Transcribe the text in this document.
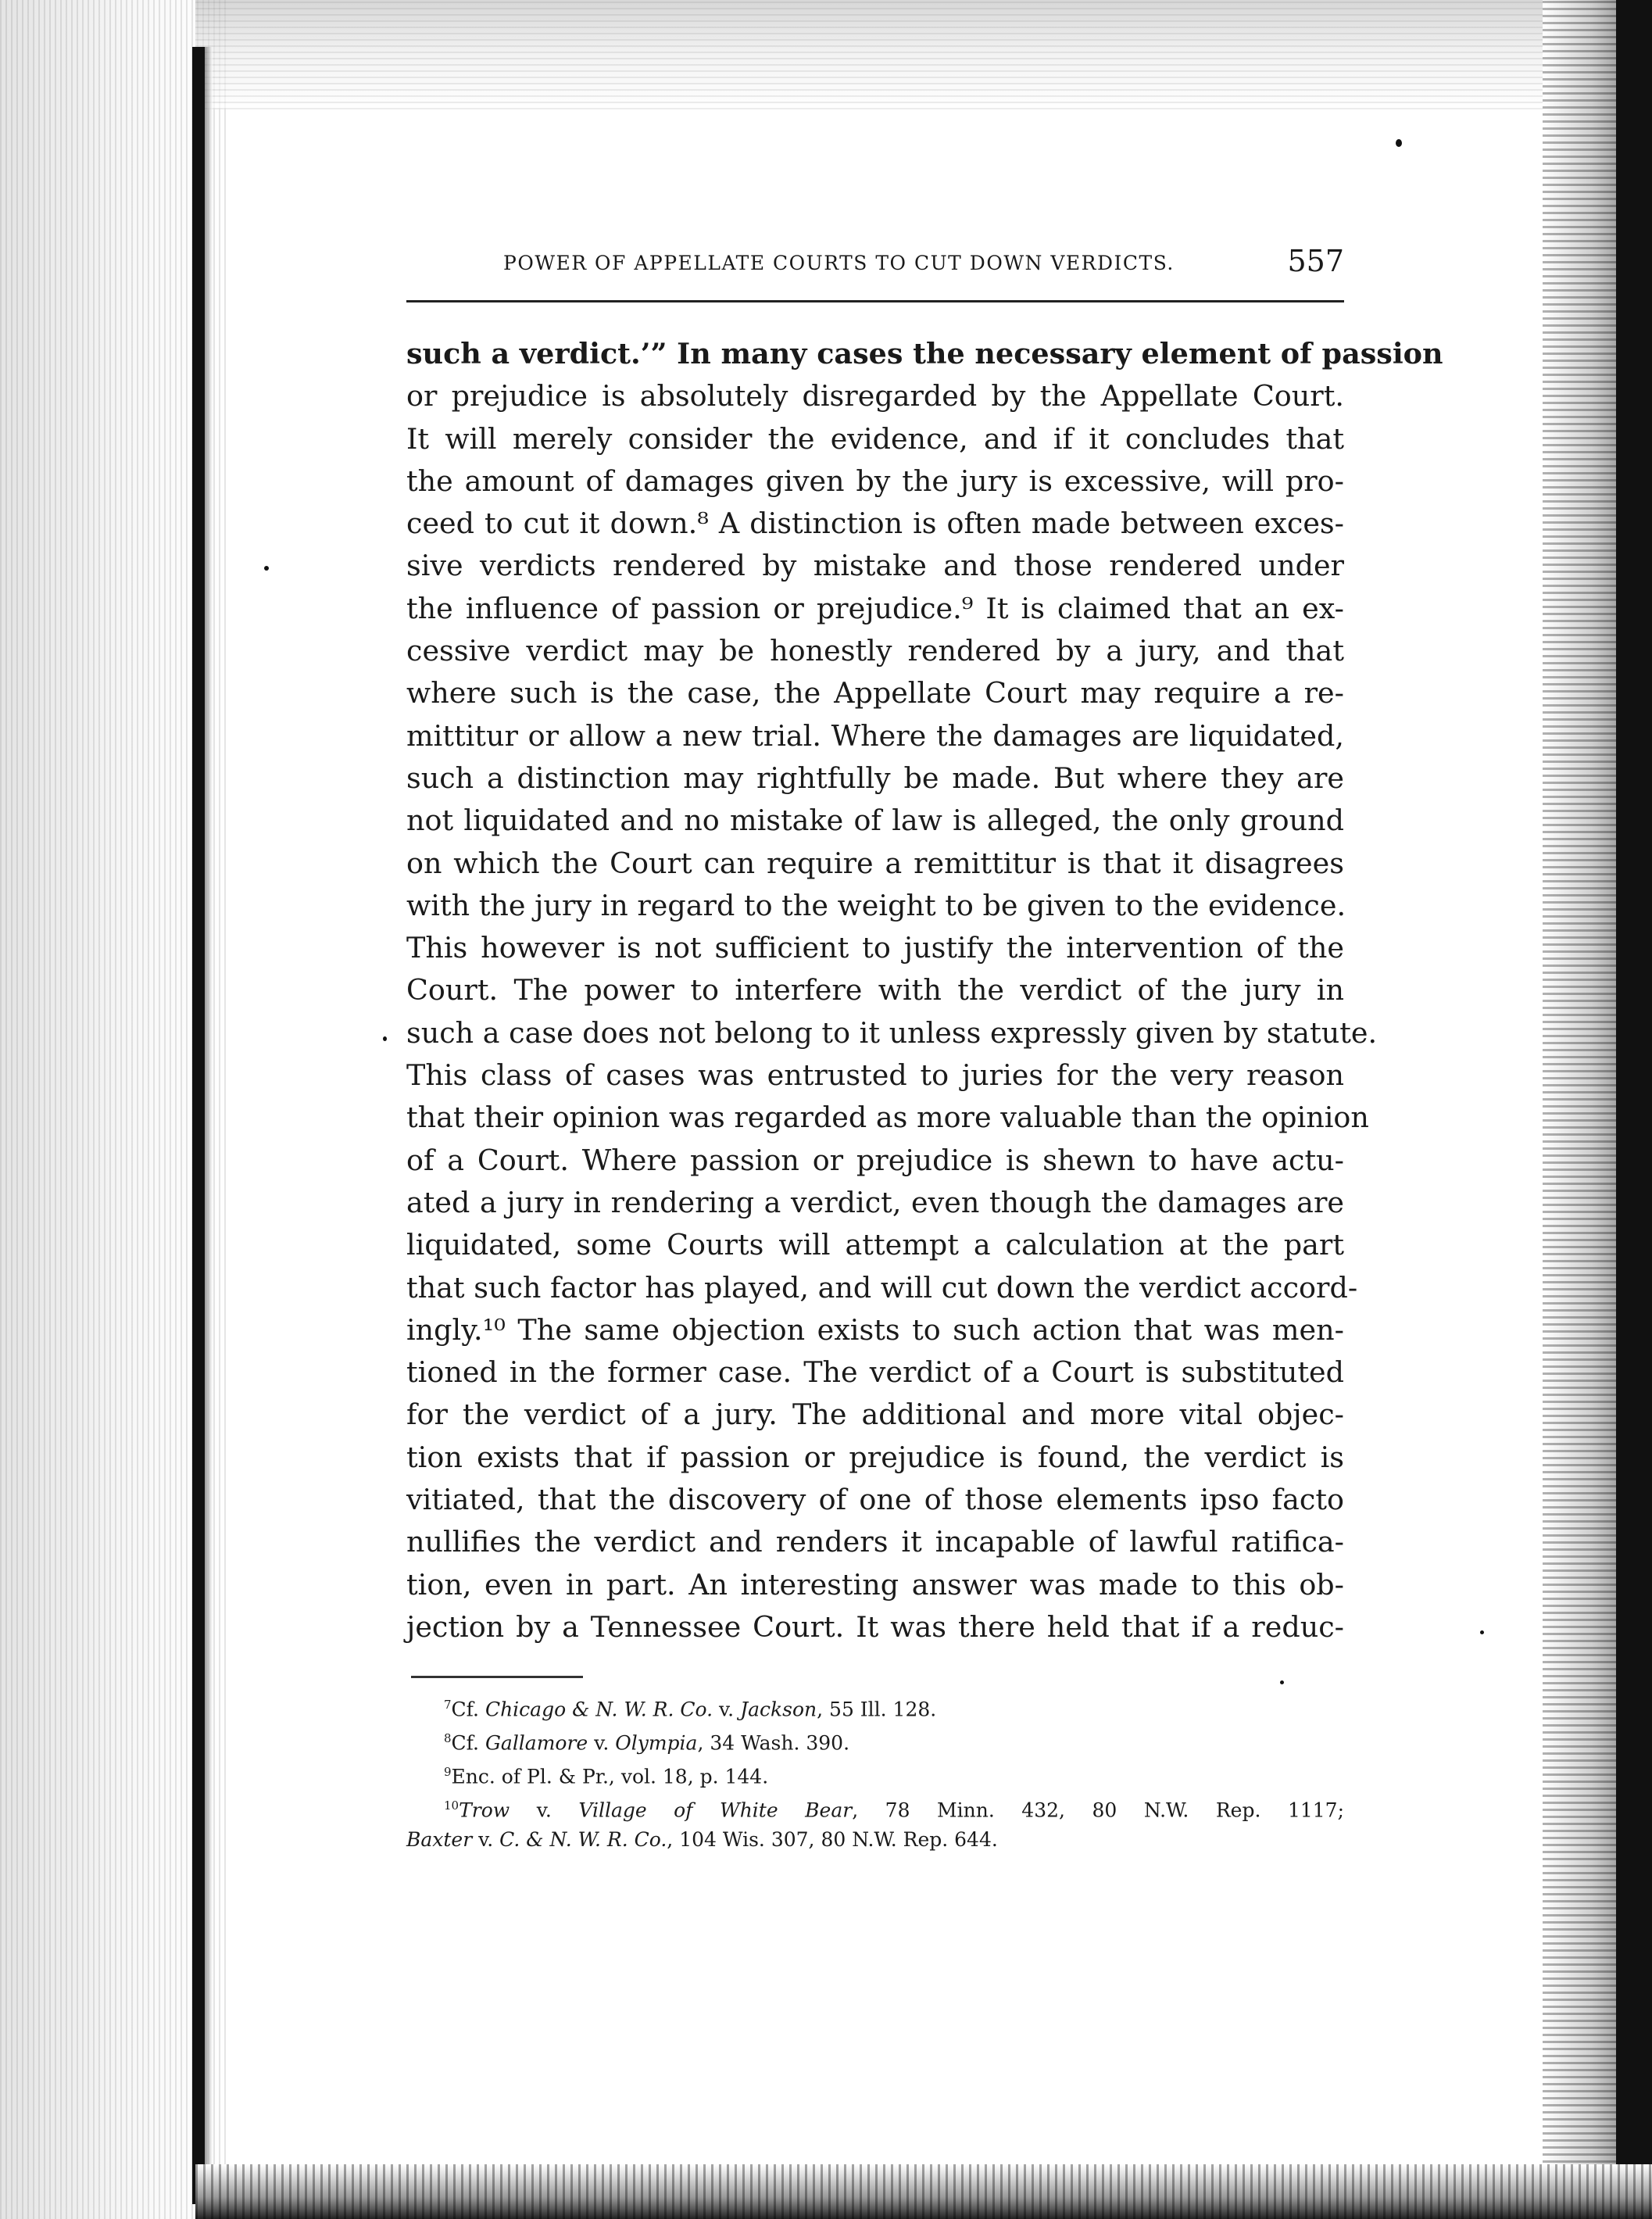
POWER OF APPELLATE COURTS TO CUT DOWN VERDICTS.	557
such a verdict.’” In many cases the necessary element of passion
or prejudice is absolutely disregarded by the Appellate Court.
It will merely consider the evidence, and if it concludes that
the amount of damages given by the jury is excessive, will pro-
ceed to cut it down.⁸ A distinction is often made between exces-
sive verdicts rendered by mistake and those rendered under
the influence of passion or prejudice.⁹ It is claimed that an ex-
cessive verdict may be honestly rendered by a jury, and that
where such is the case, the Appellate Court may require a re-
mittitur or allow a new trial. Where the damages are liquidated,
such a distinction may rightfully be made. But where they are
not liquidated and no mistake of law is alleged, the only ground
on which the Court can require a remittitur is that it disagrees
with the jury in regard to the weight to be given to the evidence.
This however is not sufficient to justify the intervention of the
Court. The power to interfere with the verdict of the jury in
such a case does not belong to it unless expressly given by statute.
This class of cases was entrusted to juries for the very reason
that their opinion was regarded as more valuable than the opinion
of a Court. Where passion or prejudice is shewn to have actu-
ated a jury in rendering a verdict, even though the damages are
liquidated, some Courts will attempt a calculation at the part
that such factor has played, and will cut down the verdict accord-
ingly.¹⁰ The same objection exists to such action that was men-
tioned in the former case. The verdict of a Court is substituted
for the verdict of a jury. The additional and more vital objec-
tion exists that if passion or prejudice is found, the verdict is
vitiated, that the discovery of one of those elements ipso facto
nullifies the verdict and renders it incapable of lawful ratifica-
tion, even in part. An interesting answer was made to this ob-
jection by a Tennessee Court. It was there held that if a reduc-
$^7$Cf. Chicago & N. W. R. Co. v. Jackson, 55 Ill. 128.
$^8$Cf. Gallamore v. Olympia, 34 Wash. 390.
$^9$Enc. of Pl. & Pr., vol. 18, p. 144.
$^{10}$Trow v. Village of White Bear, 78 Minn. 432, 80 N.W. Rep. 1117;
Baxter v. C. & N. W. R. Co., 104 Wis. 307, 80 N.W. Rep. 644.
